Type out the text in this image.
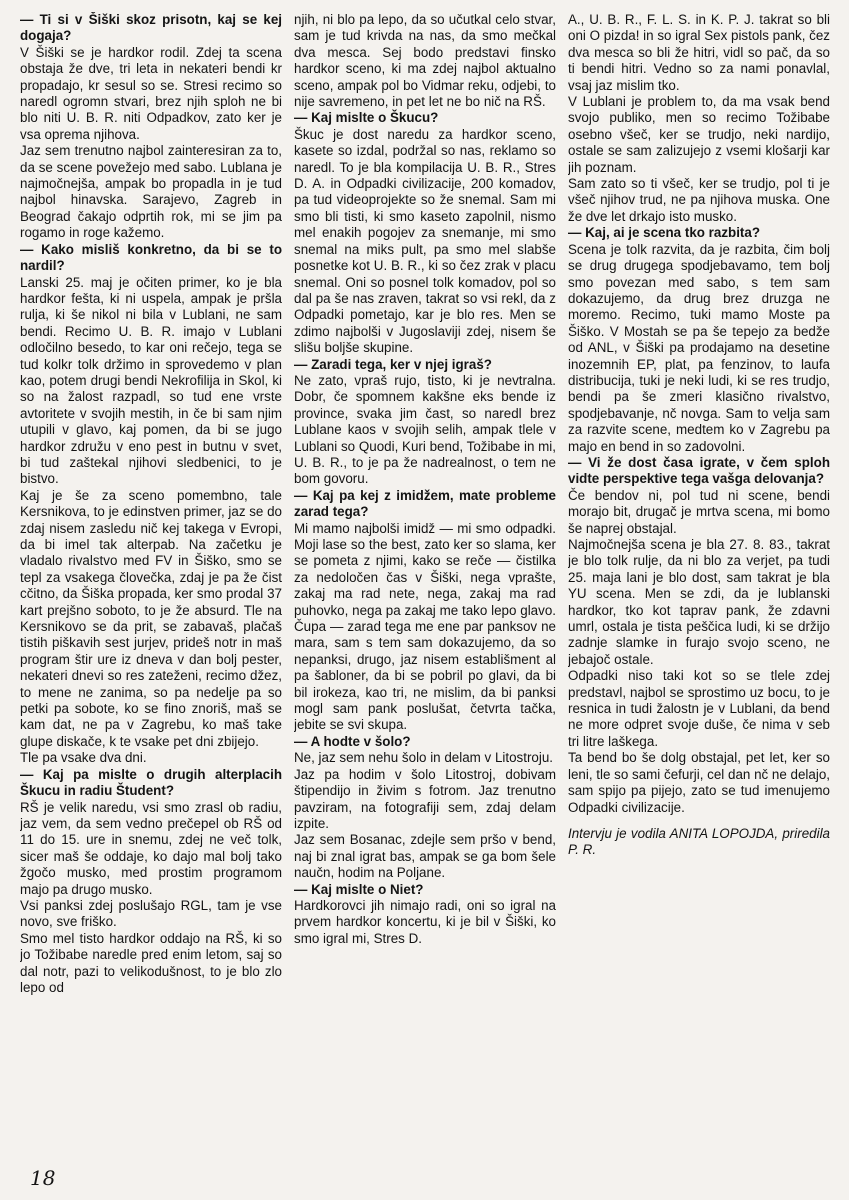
— Ti si v Šiški skoz prisotn, kaj se kej dogaja?

V Šiški se je hardkor rodil. Zdej ta scena obstaja že dve, tri leta in nekateri bendi kr propadajo, kr sesul so se. Stresi recimo so naredl ogromn stvari, brez njih sploh ne bi blo niti U. B. R. niti Odpadkov, zato ker je vsa oprema njihova.

Jaz sem trenutno najbol zainteresiran za to, da se scene povežejo med sabo. Lublana je najmočnejša, ampak bo propadla in je tud najbol hinavska. Sarajevo, Zagreb in Beograd čakajo odprtih rok, mi se jim pa rogamo in roge kažemo.

— Kako misliš konkretno, da bi se to nardil?

Lanski 25. maj je očiten primer, ko je bla hardkor fešta, ki ni uspela, ampak je pršla rulja, ki še nikol ni bila v Lublani, ne sam bendi. Recimo U. B. R. imajo v Lublani odločilno besedo, to kar oni rečejo, tega se tud kolkr tolk držimo in sprovedemo v plan kao, potem drugi bendi Nekrofilija in Skol, ki so na žalost razpadl, so tud ene vrste avtoritete v svojih mestih, in če bi sam njim utupili v glavo, kaj pomen, da bi se jugo hardkor združu v eno pest in butnu v svet, bi tud zaštekal njihovi sledbenici, to je bistvo.

Kaj je še za sceno pomembno, tale Kersnikova, to je edinstven primer, jaz se do zdaj nisem zasledu nič kej takega v Evropi, da bi imel tak alterpab. Na začetku je vladalo rivalstvo med FV in Šiško, smo se tepl za vsakega človečka, zdaj je pa že čist cčitno, da Šiška propada, ker smo prodal 37 kart prejšno soboto, to je že absurd. Tle na Kersnikovo se da prit, se zabavaš, plačaš tistih piškavih sest jurjev, prideš notr in maš program štir ure iz dneva v dan bolj pester, nekateri dnevi so res zateženi, recimo džez, to mene ne zanima, so pa nedelje pa so petki pa sobote, ko se fino znoriš, maš se kam dat, ne pa v Zagrebu, ko maš take glupe diskače, k te vsake pet dni zbijejo.

Tle pa vsake dva dni.

— Kaj pa mislte o drugih alterplacih Škucu in radiu Študent?

RŠ je velik naredu, vsi smo zrasl ob radiu, jaz vem, da sem vedno prečepel ob RŠ od 11 do 15. ure in snemu, zdej ne več tolk, sicer maš še oddaje, ko dajo mal bolj tako žgočo musko, med prostim programom majo pa drugo musko.

Vsi panksi zdej poslušajo RGL, tam je vse novo, sve friško.

Smo mel tisto hardkor oddajo na RŠ, ki so jo Tožibabe naredle pred enim letom, saj so dal notr, pazi to velikodušnost, to je blo zlo lepo od

njih, ni blo pa lepo, da so učutkal celo stvar, sam je tud krivda na nas, da smo mečkal dva mesca. Sej bodo predstavi finsko hardkor sceno, ki ma zdej najbol aktualno sceno, ampak pol bo Vidmar reku, odjebi, to nije savremeno, in pet let ne bo nič na RŠ.

— Kaj mislte o Škucu?

Škuc je dost naredu za hardkor sceno, kasete so izdal, podržal so nas, reklamo so naredl. To je bla kompilacija U. B. R., Stres D. A. in Odpadki civilizacije, 200 komadov, pa tud videoprojekte so že snemal. Sam mi smo bli tisti, ki smo kaseto zapolnil, nismo mel enakih pogojev za snemanje, mi smo snemal na miks pult, pa smo mel slabše posnetke kot U. B. R., ki so čez zrak v placu snemal. Oni so posnel tolk komadov, pol so dal pa še nas zraven, takrat so vsi rekl, da z Odpadki pometajo, kar je blo res. Men se zdimo najbolši v Jugoslaviji zdej, nisem še slišu boljše skupine.

— Zaradi tega, ker v njej igraš?

Ne zato, vpraš rujo, tisto, ki je nevtralna. Dobr, če spomnem kakšne eks bende iz province, svaka jim čast, so naredl brez Lublane kaos v svojih selih, ampak tlele v Lublani so Quodi, Kuri bend, Tožibabe in mi, U. B. R., to je pa že nadrealnost, o tem ne bom govoru.

— Kaj pa kej z imidžem, mate probleme zarad tega?

Mi mamo najbolši imidž — mi smo odpadki. Moji lase so the best, zato ker so slama, ker se pometa z njimi, kako se reče — čistilka za nedoločen čas v Šiški, nega vprašte, zakaj ma rad nete, nega, zakaj ma rad puhovko, nega pa zakaj me tako lepo glavo. Čupa — zarad tega me ene par panksov ne mara, sam s tem sam dokazujemo, da so nepanksi, drugo, jaz nisem establišment al pa šabloner, da bi se pobril po glavi, da bi bil irokeza, kao tri, ne mislim, da bi panksi mogl sam pank poslušat, četvrta tačka, jebite se svi skupa.

— A hodte v šolo?

Ne, jaz sem nehu šolo in delam v Litostroju.

Jaz pa hodim v šolo Litostroj, dobivam štipendijo in živim s fotrom. Jaz trenutno pavziram, na fotografiji sem, zdaj delam izpite.

Jaz sem Bosanac, zdejle sem pršo v bend, naj bi znal igrat bas, ampak se ga bom šele naučn, hodim na Poljane.

— Kaj mislte o Niet?

Hardkorovci jih nimajo radi, oni so igral na prvem hardkor koncertu, ki je bil v Šiški, ko smo igral mi, Stres D.

A., U. B. R., F. L. S. in K. P. J. takrat so bli oni O pizda! in so igral Sex pistols pank, čez dva mesca so bli že hitri, vidl so pač, da so ti bendi hitri. Vedno so za nami ponavlal, vsaj jaz mislim tko.

V Lublani je problem to, da ma vsak bend svojo publiko, men so recimo Tožibabe osebno všeč, ker se trudjo, neki nardijo, ostale se sam zalizujejo z vsemi klošarji kar jih poznam.

Sam zato so ti všeč, ker se trudjo, pol ti je všeč njihov trud, ne pa njihova muska. One že dve let drkajo isto musko.

— Kaj, ai je scena tko razbita?

Scena je tolk razvita, da je razbita, čim bolj se drug drugega spodjebavamo, tem bolj smo povezan med sabo, s tem sam dokazujemo, da drug brez druzga ne moremo. Recimo, tuki mamo Moste pa Šiško. V Mostah se pa še tepejo za bedže od ANL, v Šiški pa prodajamo na desetine inozemnih EP, plat, pa fenzinov, to laufa distribucija, tuki je neki ludi, ki se res trudjo, bendi pa še zmeri klasično rivalstvo, spodjebavanje, nč novga. Sam to velja sam za razvite scene, medtem ko v Zagrebu pa majo en bend in so zadovolni.

— Vi že dost časa igrate, v čem sploh vidte perspektive tega vašga delovanja?

Če bendov ni, pol tud ni scene, bendi morajo bit, drugač je mrtva scena, mi bomo še naprej obstajal.

Najmočnejša scena je bla 27. 8. 83., takrat je blo tolk rulje, da ni blo za verjet, pa tudi 25. maja lani je blo dost, sam takrat je bla YU scena. Men se zdi, da je lublanski hardkor, tko kot taprav pank, že zdavni umrl, ostala je tista peščica ludi, ki se držijo zadnje slamke in furajo svojo sceno, ne jebajoč ostale.

Odpadki niso taki kot so se tlele zdej predstavl, najbol se sprostimo uz bocu, to je resnica in tudi žalostn je v Lublani, da bend ne more odpret svoje duše, če nima v seb tri litre laškega.

Ta bend bo še dolg obstajal, pet let, ker so leni, tle so sami čefurji, cel dan nč ne delajo, sam spijo pa pijejo, zato se tud imenujemo Odpadki civilizacije.

Intervju je vodila ANITA LOPOJDA, priredila P. R.

18
